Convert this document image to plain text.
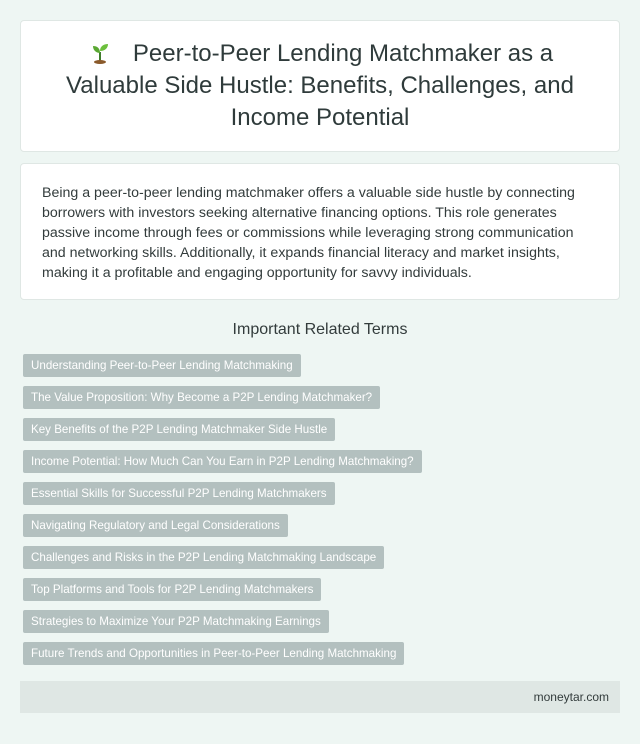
Peer-to-Peer Lending Matchmaker as a Valuable Side Hustle: Benefits, Challenges, and Income Potential

Being a peer-to-peer lending matchmaker offers a valuable side hustle by connecting borrowers with investors seeking alternative financing options. This role generates passive income through fees or commissions while leveraging strong communication and networking skills. Additionally, it expands financial literacy and market insights, making it a profitable and engaging opportunity for savvy individuals.

Important Related Terms
Understanding Peer-to-Peer Lending Matchmaking
The Value Proposition: Why Become a P2P Lending Matchmaker?
Key Benefits of the P2P Lending Matchmaker Side Hustle
Income Potential: How Much Can You Earn in P2P Lending Matchmaking?
Essential Skills for Successful P2P Lending Matchmakers
Navigating Regulatory and Legal Considerations
Challenges and Risks in the P2P Lending Matchmaking Landscape
Top Platforms and Tools for P2P Lending Matchmakers
Strategies to Maximize Your P2P Matchmaking Earnings
Future Trends and Opportunities in Peer-to-Peer Lending Matchmaking
moneytar.com
